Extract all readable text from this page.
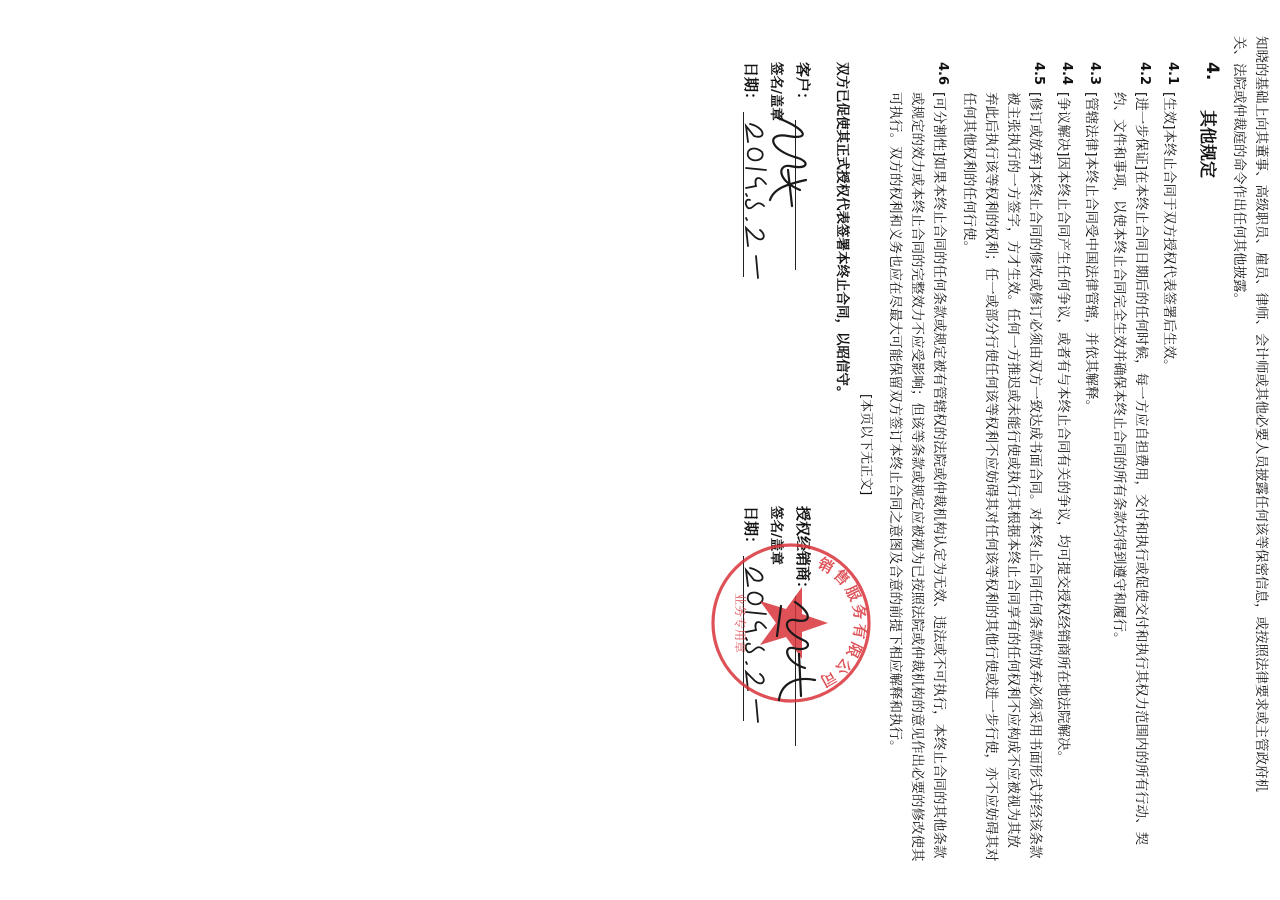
知晓的基础上向其董事、高级职员、雇员、律师、会计师或其他必要人员披露任何该等保密信息，或按照法律要求或主管政府机
关、法院或仲裁庭的命令作出任何其他披露。
4.
其他规定
4.1
[生效]本终止合同于双方授权代表签署后生效。
4.2
[进一步保证]在本终止合同日期后的任何时候，每一方应自担费用，交付和执行或促使交付和执行其权力范围内的所有行动、契
约、文件和事项，以使本终止合同完全生效并确保本终止合同的所有条款均得到遵守和履行。
4.3
[管辖法律]本终止合同受中国法律管辖，并依其解释。
4.4
[争议解决]因本终止合同产生任何争议，或者有与本终止合同有关的争议，均可提交授权经销商所在地法院解决。
4.5
[修订或放弃]本终止合同的修改或修订必须由双方一致达成书面合同。对本终止合同任何条款的放弃必须采用书面形式并经该条款
被主张执行的一方签字，方才生效。任何一方推迟或未能行使或执行其根据本终止合同享有的任何权利不应构成不应被视为其放
弃此后执行该等权利的权利；任一或部分行使任何该等权利不应妨碍其对任何该等权利的其他行使或进一步行使，亦不应妨碍其对
任何其他权利的任何行使。
4.6
[可分割性]如果本终止合同的任何条款或规定被有管辖权的法院或仲裁机构认定为无效、违法或不可执行，本终止合同的其他条款
或规定的效力或本终止合同的完整效力不应受影响；但该等条款或规定应被视为已按照法院或仲裁机构的意见作出必要的修改使其
可执行。双方的权利和义务也应在尽最大可能保留双方签订本终止合同之意图及合意的前提下相应解释和执行。
[本页以下无正文]
双方已促使其正式授权代表签署本终止合同，以昭信守。
客户：
签名/盖章
日期：
授权经销商：
签名/盖章
日期：
销售服务有限公司
业务专用章
